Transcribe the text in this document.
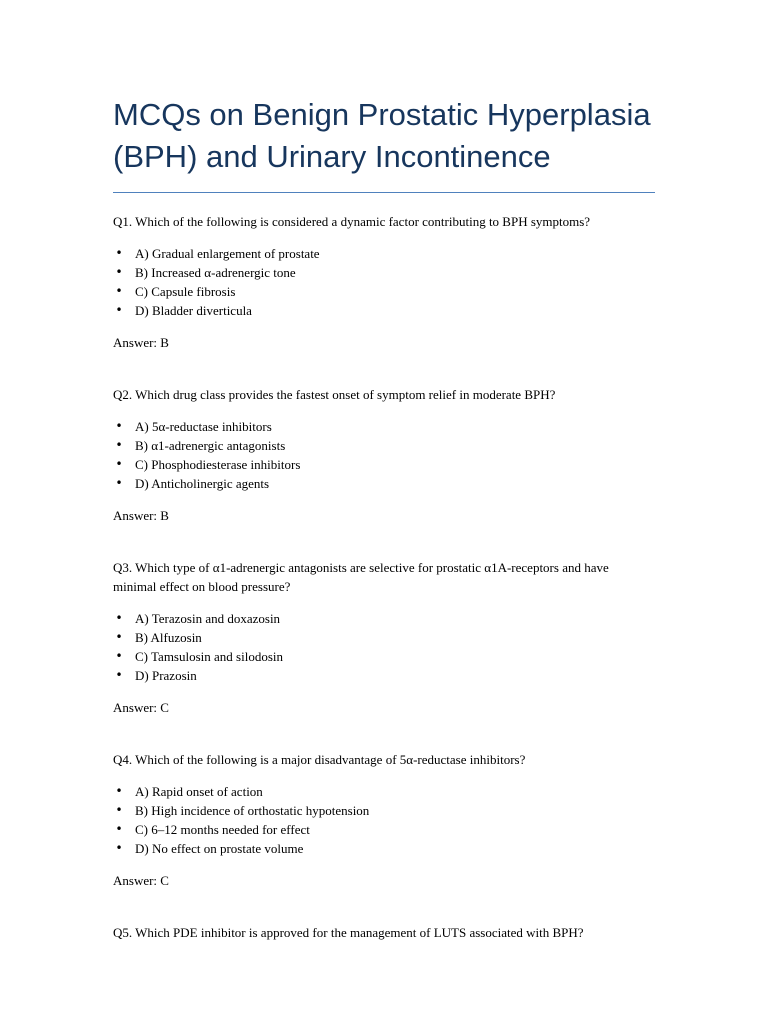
MCQs on Benign Prostatic Hyperplasia (BPH) and Urinary Incontinence

Q1. Which of the following is considered a dynamic factor contributing to BPH symptoms?

• A) Gradual enlargement of prostate
• B) Increased α-adrenergic tone
• C) Capsule fibrosis
• D) Bladder diverticula

Answer: B

Q2. Which drug class provides the fastest onset of symptom relief in moderate BPH?

• A) 5α-reductase inhibitors
• B) α1-adrenergic antagonists
• C) Phosphodiesterase inhibitors
• D) Anticholinergic agents

Answer: B

Q3. Which type of α1-adrenergic antagonists are selective for prostatic α1A-receptors and have minimal effect on blood pressure?

• A) Terazosin and doxazosin
• B) Alfuzosin
• C) Tamsulosin and silodosin
• D) Prazosin

Answer: C

Q4. Which of the following is a major disadvantage of 5α-reductase inhibitors?

• A) Rapid onset of action
• B) High incidence of orthostatic hypotension
• C) 6–12 months needed for effect
• D) No effect on prostate volume

Answer: C

Q5. Which PDE inhibitor is approved for the management of LUTS associated with BPH?
